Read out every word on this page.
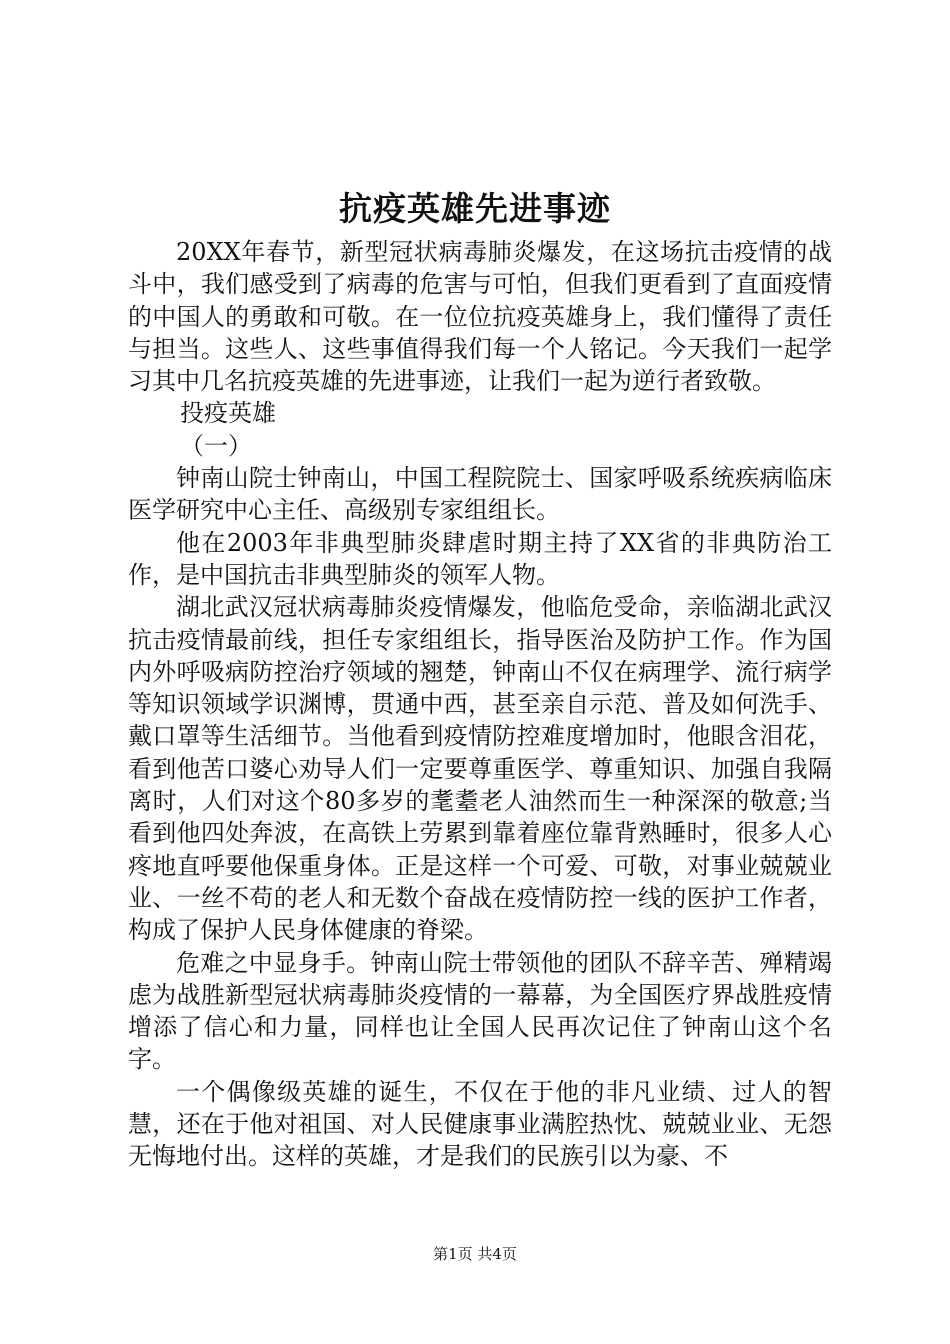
抗疫英雄先进事迹

20XX年春节，新型冠状病毒肺炎爆发，在这场抗击疫情的战斗中，我们感受到了病毒的危害与可怕，但我们更看到了直面疫情的中国人的勇敢和可敬。在一位位抗疫英雄身上，我们懂得了责任与担当。这些人、这些事值得我们每一个人铭记。今天我们一起学习其中几名抗疫英雄的先进事迹，让我们一起为逆行者致敬。

投疫英雄

（一）

钟南山院士钟南山，中国工程院院士、国家呼吸系统疾病临床医学研究中心主任、高级别专家组组长。

他在2003年非典型肺炎肆虐时期主持了XX省的非典防治工作，是中国抗击非典型肺炎的领军人物。

湖北武汉冠状病毒肺炎疫情爆发，他临危受命，亲临湖北武汉抗击疫情最前线，担任专家组组长，指导医治及防护工作。作为国内外呼吸病防控治疗领域的翘楚，钟南山不仅在病理学、流行病学等知识领域学识渊博，贯通中西，甚至亲自示范、普及如何洗手、戴口罩等生活细节。当他看到疫情防控难度增加时，他眼含泪花，看到他苦口婆心劝导人们一定要尊重医学、尊重知识、加强自我隔离时，人们对这个80多岁的耄耋老人油然而生一种深深的敬意;当看到他四处奔波，在高铁上劳累到靠着座位靠背熟睡时，很多人心疼地直呼要他保重身体。正是这样一个可爱、可敬，对事业兢兢业业、一丝不苟的老人和无数个奋战在疫情防控一线的医护工作者，构成了保护人民身体健康的脊梁。

危难之中显身手。钟南山院士带领他的团队不辞辛苦、殚精竭虑为战胜新型冠状病毒肺炎疫情的一幕幕，为全国医疗界战胜疫情增添了信心和力量，同样也让全国人民再次记住了钟南山这个名字。

一个偶像级英雄的诞生，不仅在于他的非凡业绩、过人的智慧，还在于他对祖国、对人民健康事业满腔热忱、兢兢业业、无怨无悔地付出。这样的英雄，才是我们的民族引以为豪、不

第1页 共4页
